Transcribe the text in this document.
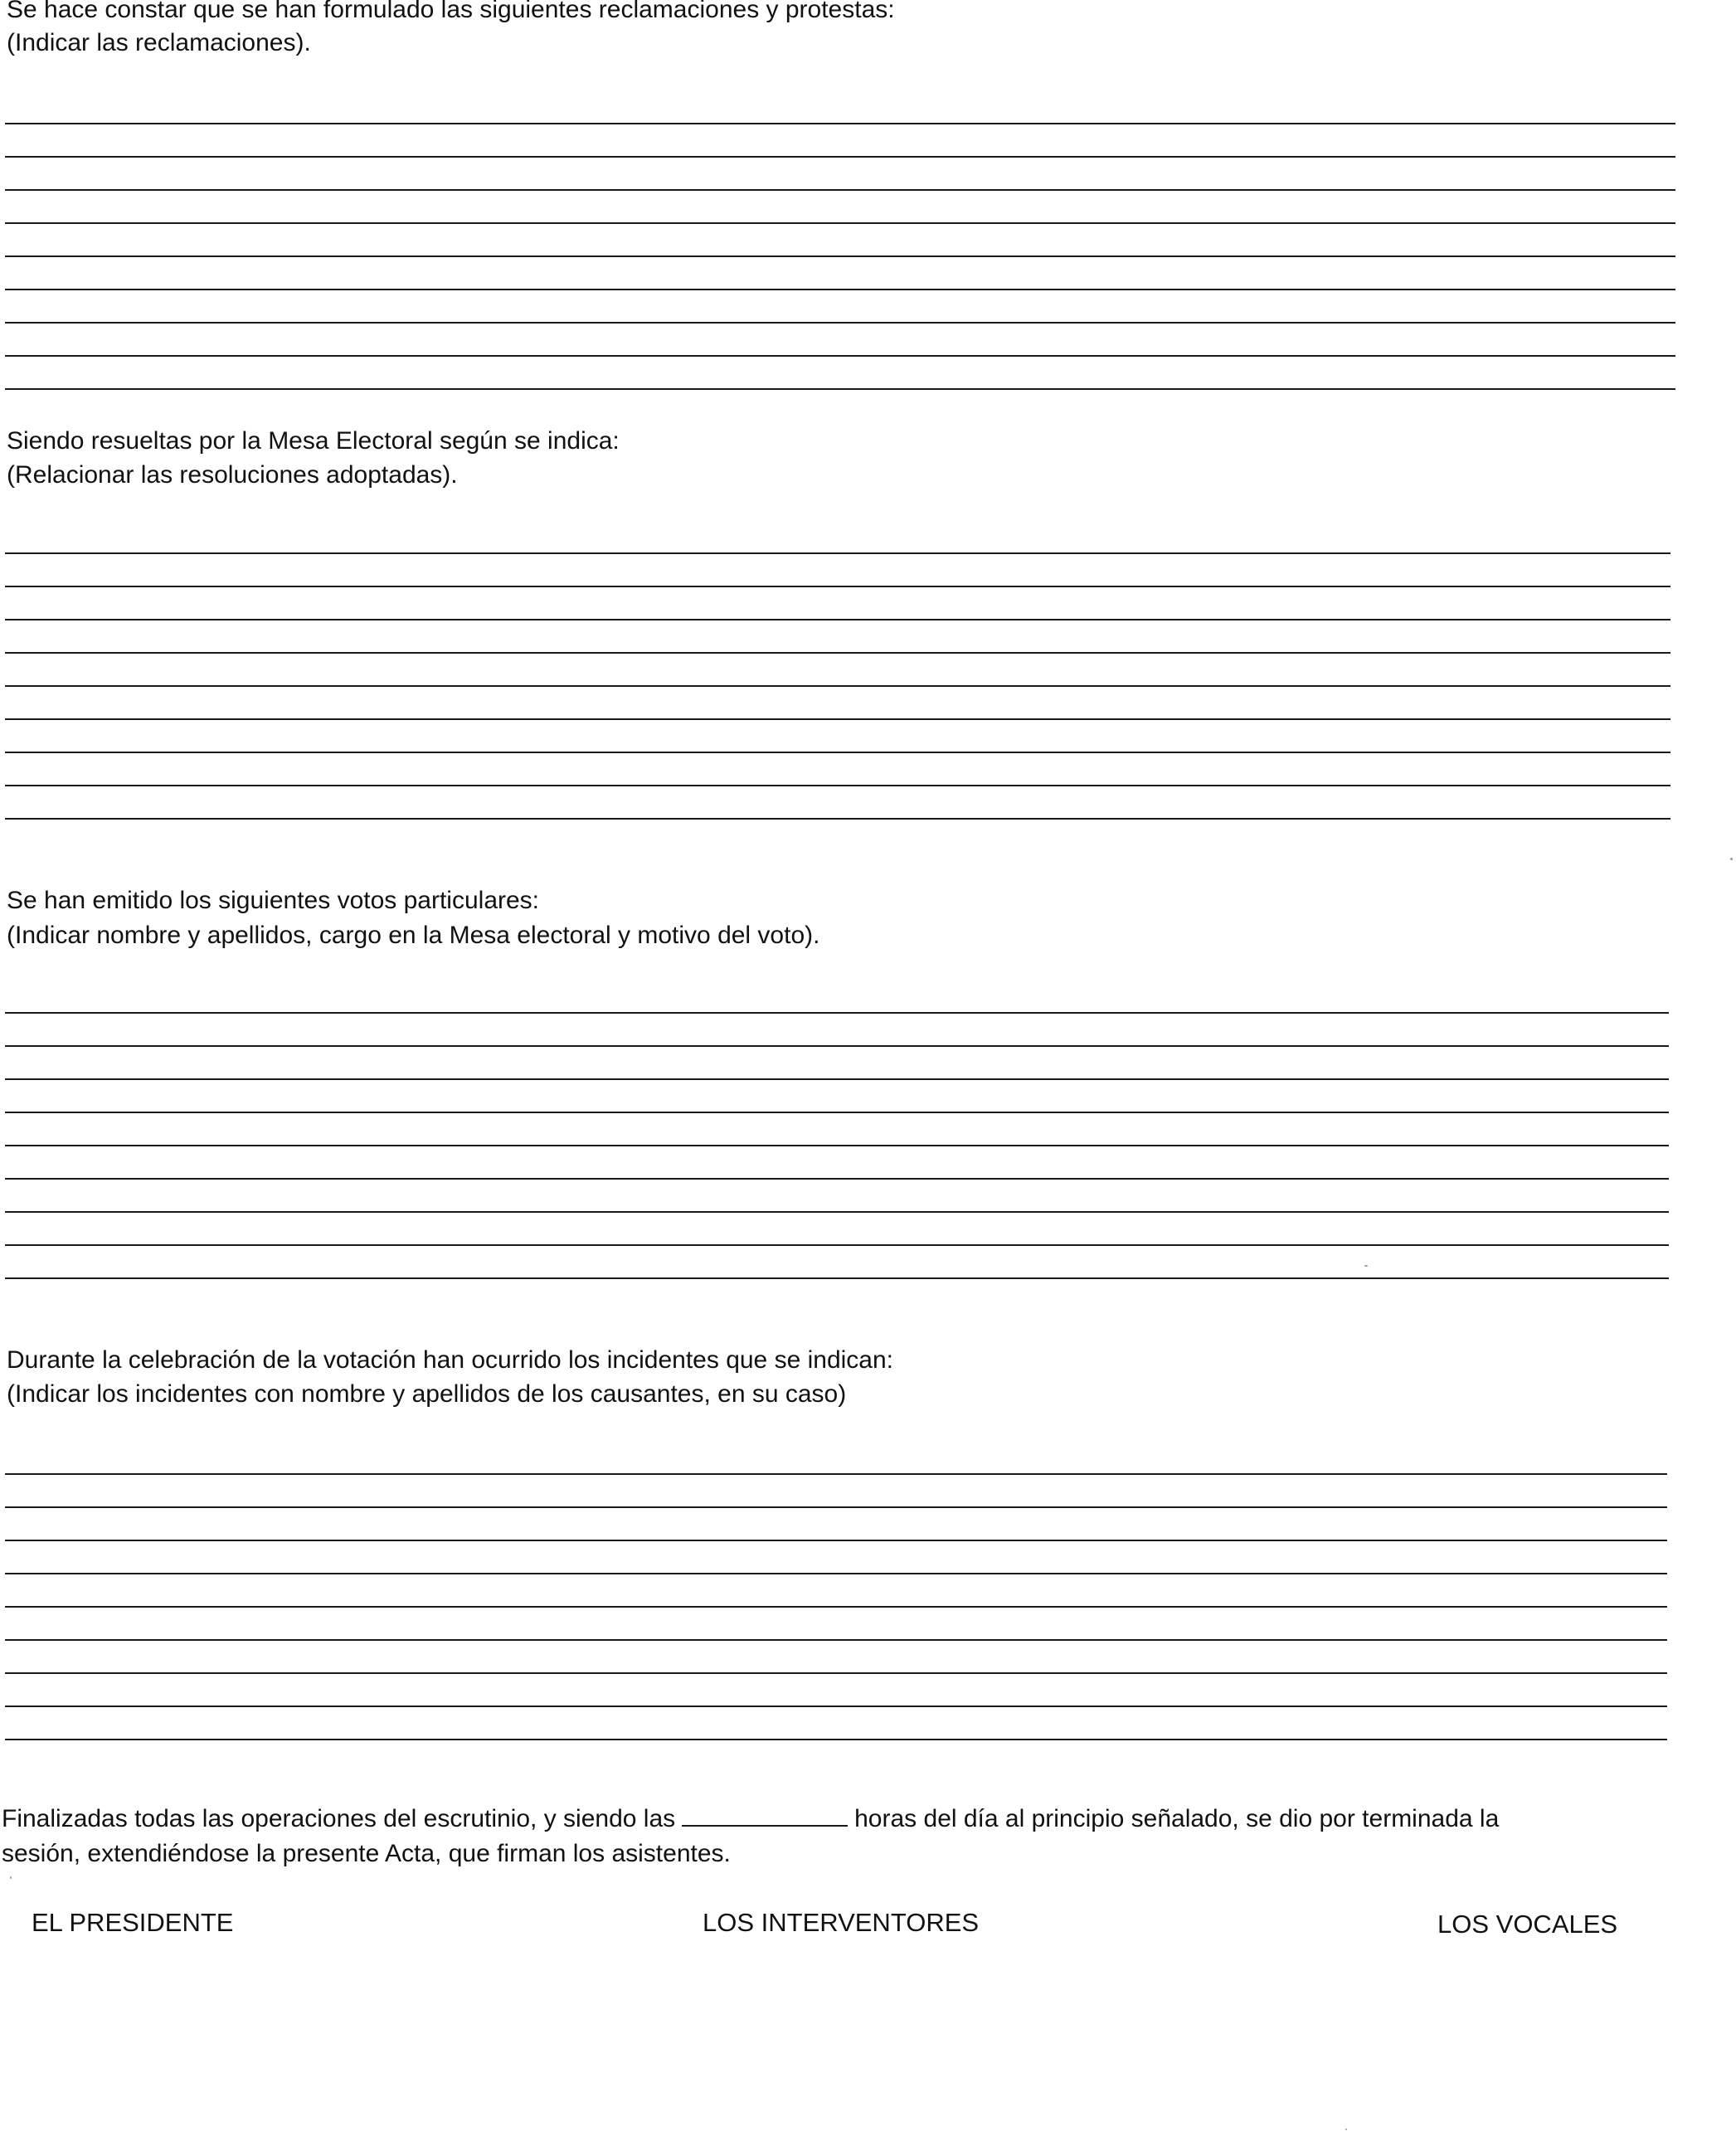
Se hace constar que se han formulado las siguientes reclamaciones y protestas:
(Indicar las reclamaciones).
Siendo resueltas por la Mesa Electoral según se indica:
(Relacionar las resoluciones adoptadas).
Se han emitido los siguientes votos particulares:
(Indicar nombre y apellidos, cargo en la Mesa electoral y motivo del voto).
Durante la celebración de la votación han ocurrido los incidentes que se indican:
(Indicar los incidentes con nombre y apellidos de los causantes, en su caso)
Finalizadas todas las operaciones del escrutinio, y siendo las	horas del día al principio señalado, se dio por terminada la
sesión, extendiéndose la presente Acta, que firman los asistentes.
EL PRESIDENTE	LOS INTERVENTORES	LOS VOCALES
